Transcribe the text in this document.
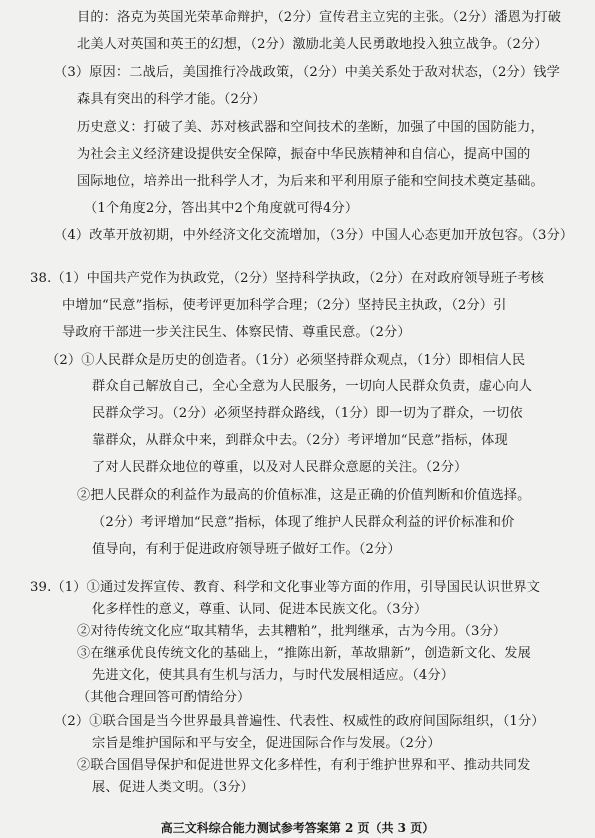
目的：洛克为英国光荣革命辩护，（2分）宣传君主立宪的主张。（2分）潘恩为打破
北美人对英国和英王的幻想，（2分）激励北美人民勇敢地投入独立战争。（2分）
（3）原因：二战后，美国推行冷战政策，（2分）中美关系处于敌对状态，（2分）钱学
森具有突出的科学才能。（2分）
历史意义：打破了美、苏对核武器和空间技术的垄断，加强了中国的国防能力，
为社会主义经济建设提供安全保障，振奋中华民族精神和自信心，提高中国的
国际地位，培养出一批科学人才，为后来和平利用原子能和空间技术奠定基础。
（1个角度2分，答出其中2个角度就可得4分）
（4）改革开放初期，中外经济文化交流增加，（3分）中国人心态更加开放包容。（3分）
38.（1）中国共产党作为执政党，（2分）坚持科学执政，（2分）在对政府领导班子考核
中增加“民意”指标，使考评更加科学合理；（2分）坚持民主执政，（2分）引
导政府干部进一步关注民生、体察民情、尊重民意。（2分）
（2）①人民群众是历史的创造者。（1分）必须坚持群众观点，（1分）即相信人民
群众自己解放自己，全心全意为人民服务，一切向人民群众负责，虚心向人
民群众学习。（2分）必须坚持群众路线，（1分）即一切为了群众，一切依
靠群众，从群众中来，到群众中去。（2分）考评增加“民意”指标，体现
了对人民群众地位的尊重，以及对人民群众意愿的关注。（2分）
②把人民群众的利益作为最高的价值标准，这是正确的价值判断和价值选择。
（2分）考评增加“民意”指标，体现了维护人民群众利益的评价标准和价
值导向，有利于促进政府领导班子做好工作。（2分）
39.（1）①通过发挥宣传、教育、科学和文化事业等方面的作用，引导国民认识世界文
化多样性的意义，尊重、认同、促进本民族文化。（3分）
②对待传统文化应“取其精华，去其糟粕”，批判继承，古为今用。（3分）
③在继承优良传统文化的基础上，“推陈出新，革故鼎新”，创造新文化、发展
先进文化，使其具有生机与活力，与时代发展相适应。（4分）
（其他合理回答可酌情给分）
（2）①联合国是当今世界最具普遍性、代表性、权威性的政府间国际组织，（1分）
宗旨是维护国际和平与安全，促进国际合作与发展。（2分）
②联合国倡导保护和促进世界文化多样性，有利于维护世界和平、推动共同发
展、促进人类文明。（3分）
高三文科综合能力测试参考答案第 2 页（共 3 页）
